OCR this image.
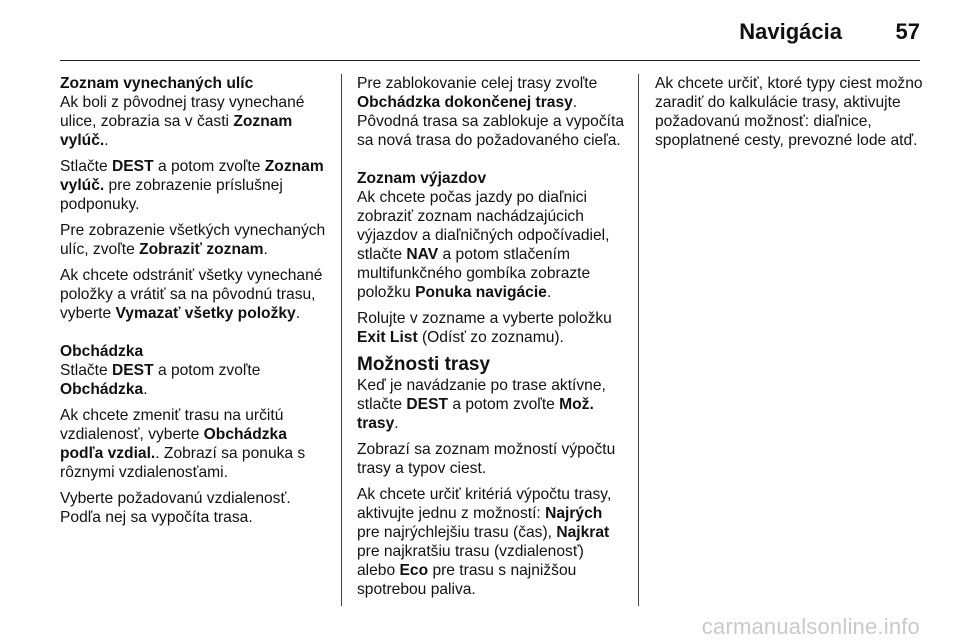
Navigácia 57
Zoznam vynechaných ulíc
Ak boli z pôvodnej trasy vynechané ulice, zobrazia sa v časti Zoznam vylúč..
Stlačte DEST a potom zvoľte Zoznam vylúč. pre zobrazenie príslušnej podponuky.
Pre zobrazenie všetkých vynechaných ulíc, zvoľte Zobraziť zoznam.
Ak chcete odstrániť všetky vynechané položky a vrátiť sa na pôvodnú trasu, vyberte Vymazať všetky položky.
Obchádzka
Stlačte DEST a potom zvoľte Obchádzka.
Ak chcete zmeniť trasu na určitú vzdialenosť, vyberte Obchádzka podľa vzdial.. Zobrazí sa ponuka s rôznymi vzdialenosťami.
Vyberte požadovanú vzdialenosť. Podľa nej sa vypočíta trasa.
Pre zablokovanie celej trasy zvoľte Obchádzka dokončenej trasy. Pôvodná trasa sa zablokuje a vypočíta sa nová trasa do požadovaného cieľa.
Zoznam výjazdov
Ak chcete počas jazdy po diaľnici zobraziť zoznam nachádzajúcich výjazdov a diaľničných odpočívadiel, stlačte NAV a potom stlačením multifunkčného gombíka zobrazte položku Ponuka navigácie.
Rolujte v zozname a vyberte položku Exit List (Odísť zo zoznamu).
Možnosti trasy
Keď je navádzanie po trase aktívne, stlačte DEST a potom zvoľte Mož. trasy.
Zobrazí sa zoznam možností výpočtu trasy a typov ciest.
Ak chcete určiť kritériá výpočtu trasy, aktivujte jednu z možností: Najrých pre najrýchlejšiu trasu (čas), Najkrat pre najkratšiu trasu (vzdialenosť) alebo Eco pre trasu s najnižšou spotrebou paliva.
Ak chcete určiť, ktoré typy ciest možno zaradiť do kalkulácie trasy, aktivujte požadovanú možnosť: diaľnice, spoplatnené cesty, prevozné lode atď.
carmanualsonline.info
